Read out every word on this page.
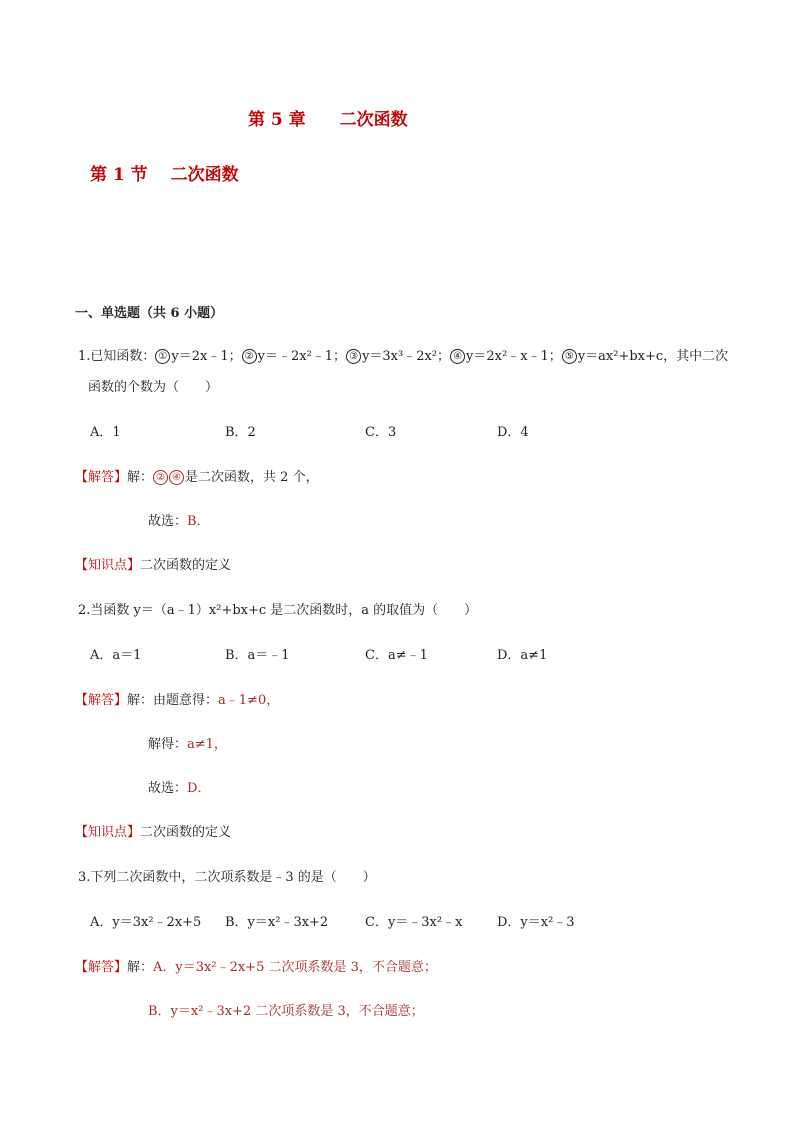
第 5 章　　二次函数
第 1 节　 二次函数
一、单选题（共 6 小题）
1.已知函数： ① y＝2x﹣1； ② y＝﹣2x²﹣1； ③ y＝3x³﹣2x²； ④ y＝2x²﹣x﹣1； ⑤ y＝ax²+bx+c，其中二次
函数的个数为（　　）
A．1	B．2	C．3	D．4
【解答】解： ② ④ 是二次函数，共 2 个，
故选：B．
【知识点】二次函数的定义
2.当函数 y＝（a﹣1）x²+bx+c 是二次函数时，a 的取值为（　　）
A．a＝1	B．a＝﹣1	C．a≠﹣1	D．a≠1
【解答】解：由题意得：a﹣1≠0，
解得：a≠1，
故选：D．
【知识点】二次函数的定义
3.下列二次函数中，二次项系数是﹣3 的是（　　）
A．y＝3x²﹣2x+5 B．y＝x²﹣3x+2	C．y＝﹣3x²﹣x	D．y＝x²﹣3
【解答】解：A．y＝3x²﹣2x+5 二次项系数是 3，不合题意；
B．y＝x²﹣3x+2 二次项系数是 3，不合题意；
